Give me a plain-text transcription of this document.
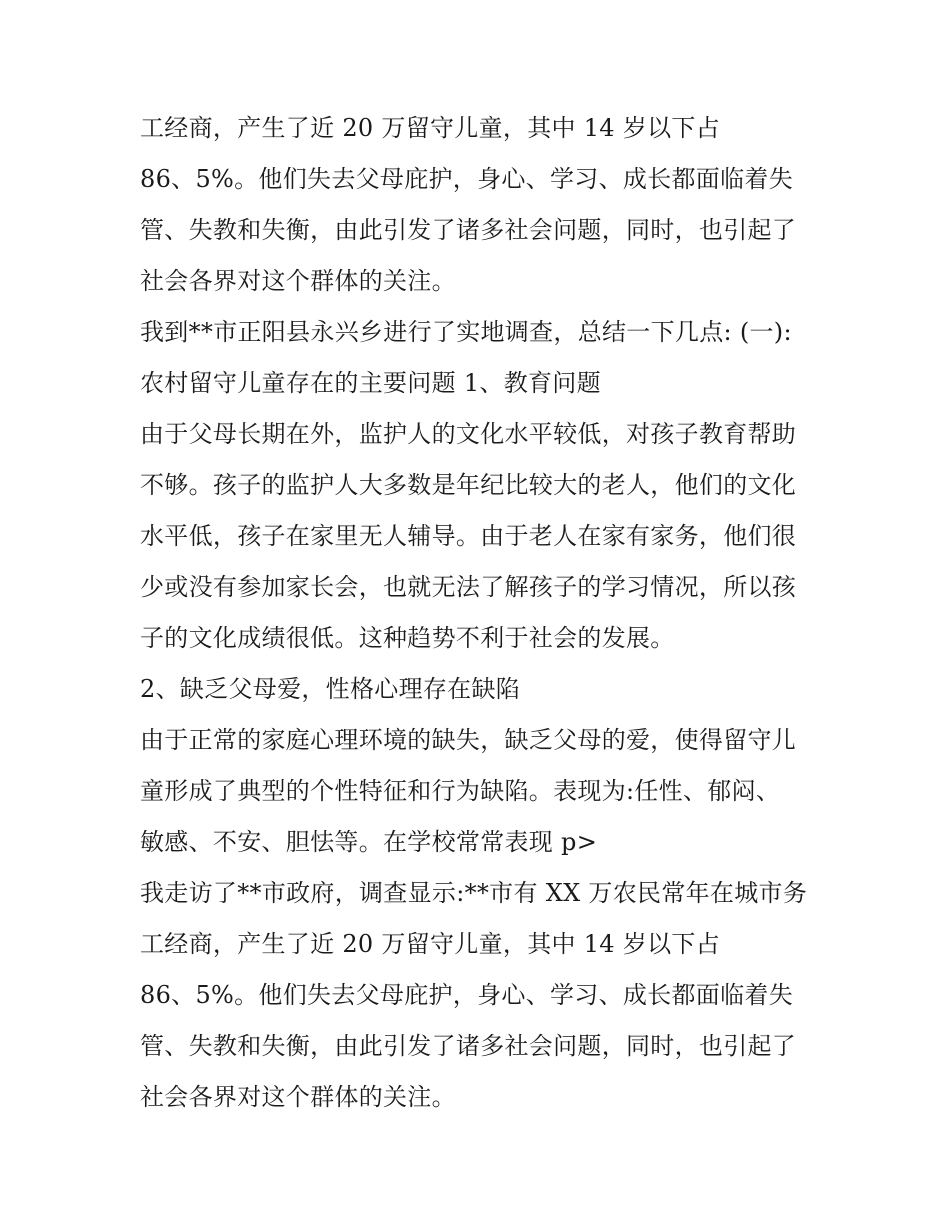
工经商，产生了近 20 万留守儿童，其中 14 岁以下占
86、5%。他们失去父母庇护，身心、学习、成长都面临着失
管、失教和失衡，由此引发了诸多社会问题，同时，也引起了
社会各界对这个群体的关注。
我到**市正阳县永兴乡进行了实地调查，总结一下几点: (一):
农村留守儿童存在的主要问题 1、教育问题
由于父母长期在外，监护人的文化水平较低，对孩子教育帮助
不够。孩子的监护人大多数是年纪比较大的老人，他们的文化
水平低，孩子在家里无人辅导。由于老人在家有家务，他们很
少或没有参加家长会，也就无法了解孩子的学习情况，所以孩
子的文化成绩很低。这种趋势不利于社会的发展。
2、缺乏父母爱，性格心理存在缺陷
由于正常的家庭心理环境的缺失，缺乏父母的爱，使得留守儿
童形成了典型的个性特征和行为缺陷。表现为:任性、郁闷、
敏感、不安、胆怯等。在学校常常表现 p>
我走访了**市政府，调查显示:**市有 XX 万农民常年在城市务
工经商，产生了近 20 万留守儿童，其中 14 岁以下占
86、5%。他们失去父母庇护，身心、学习、成长都面临着失
管、失教和失衡，由此引发了诸多社会问题，同时，也引起了
社会各界对这个群体的关注。
